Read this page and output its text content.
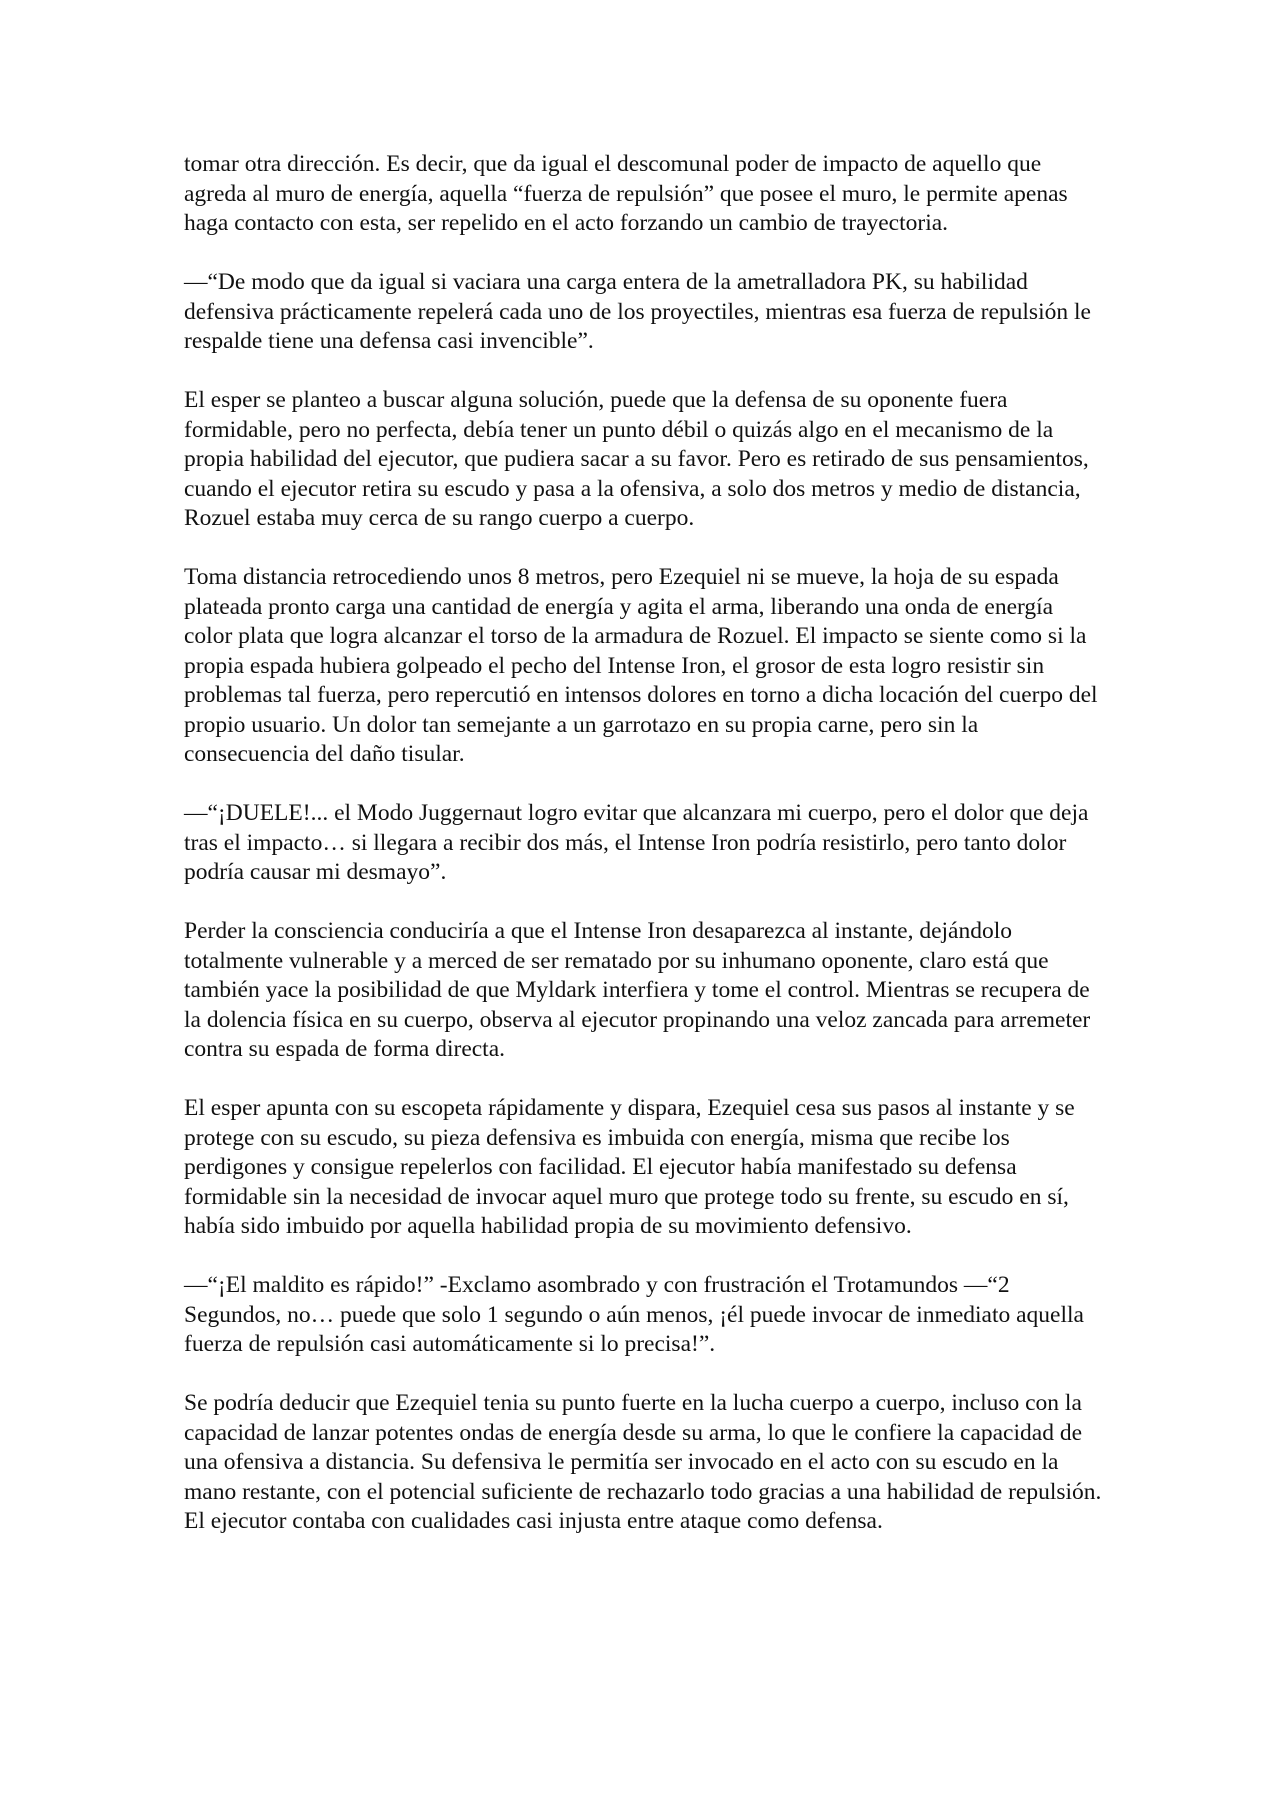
tomar otra dirección. Es decir, que da igual el descomunal poder de impacto de aquello que agreda al muro de energía, aquella “fuerza de repulsión” que posee el muro, le permite apenas haga contacto con esta, ser repelido en el acto forzando un cambio de trayectoria.

—“De modo que da igual si vaciara una carga entera de la ametralladora PK, su habilidad defensiva prácticamente repelerá cada uno de los proyectiles, mientras esa fuerza de repulsión le respalde tiene una defensa casi invencible”.

El esper se planteo a buscar alguna solución, puede que la defensa de su oponente fuera formidable, pero no perfecta, debía tener un punto débil o quizás algo en el mecanismo de la propia habilidad del ejecutor, que pudiera sacar a su favor. Pero es retirado de sus pensamientos, cuando el ejecutor retira su escudo y pasa a la ofensiva, a solo dos metros y medio de distancia, Rozuel estaba muy cerca de su rango cuerpo a cuerpo.

Toma distancia retrocediendo unos 8 metros, pero Ezequiel ni se mueve, la hoja de su espada plateada pronto carga una cantidad de energía y agita el arma, liberando una onda de energía color plata que logra alcanzar el torso de la armadura de Rozuel. El impacto se siente como si la propia espada hubiera golpeado el pecho del Intense Iron, el grosor de esta logro resistir sin problemas tal fuerza, pero repercutió en intensos dolores en torno a dicha locación del cuerpo del propio usuario. Un dolor tan semejante a un garrotazo en su propia carne, pero sin la consecuencia del daño tisular.

—“¡DUELE!... el Modo Juggernaut logro evitar que alcanzara mi cuerpo, pero el dolor que deja tras el impacto… si llegara a recibir dos más, el Intense Iron podría resistirlo, pero tanto dolor podría causar mi desmayo”.

Perder la consciencia conduciría a que el Intense Iron desaparezca al instante, dejándolo totalmente vulnerable y a merced de ser rematado por su inhumano oponente, claro está que también yace la posibilidad de que Myldark interfiera y tome el control. Mientras se recupera de la dolencia física en su cuerpo, observa al ejecutor propinando una veloz zancada para arremeter contra su espada de forma directa.

El esper apunta con su escopeta rápidamente y dispara, Ezequiel cesa sus pasos al instante y se protege con su escudo, su pieza defensiva es imbuida con energía, misma que recibe los perdigones y consigue repelerlos con facilidad. El ejecutor había manifestado su defensa formidable sin la necesidad de invocar aquel muro que protege todo su frente, su escudo en sí, había sido imbuido por aquella habilidad propia de su movimiento defensivo.

—“¡El maldito es rápido!” -Exclamo asombrado y con frustración el Trotamundos —“2 Segundos, no… puede que solo 1 segundo o aún menos, ¡él puede invocar de inmediato aquella fuerza de repulsión casi automáticamente si lo precisa!”.

Se podría deducir que Ezequiel tenia su punto fuerte en la lucha cuerpo a cuerpo, incluso con la capacidad de lanzar potentes ondas de energía desde su arma, lo que le confiere la capacidad de una ofensiva a distancia. Su defensiva le permitía ser invocado en el acto con su escudo en la mano restante, con el potencial suficiente de rechazarlo todo gracias a una habilidad de repulsión. El ejecutor contaba con cualidades casi injusta entre ataque como defensa.
